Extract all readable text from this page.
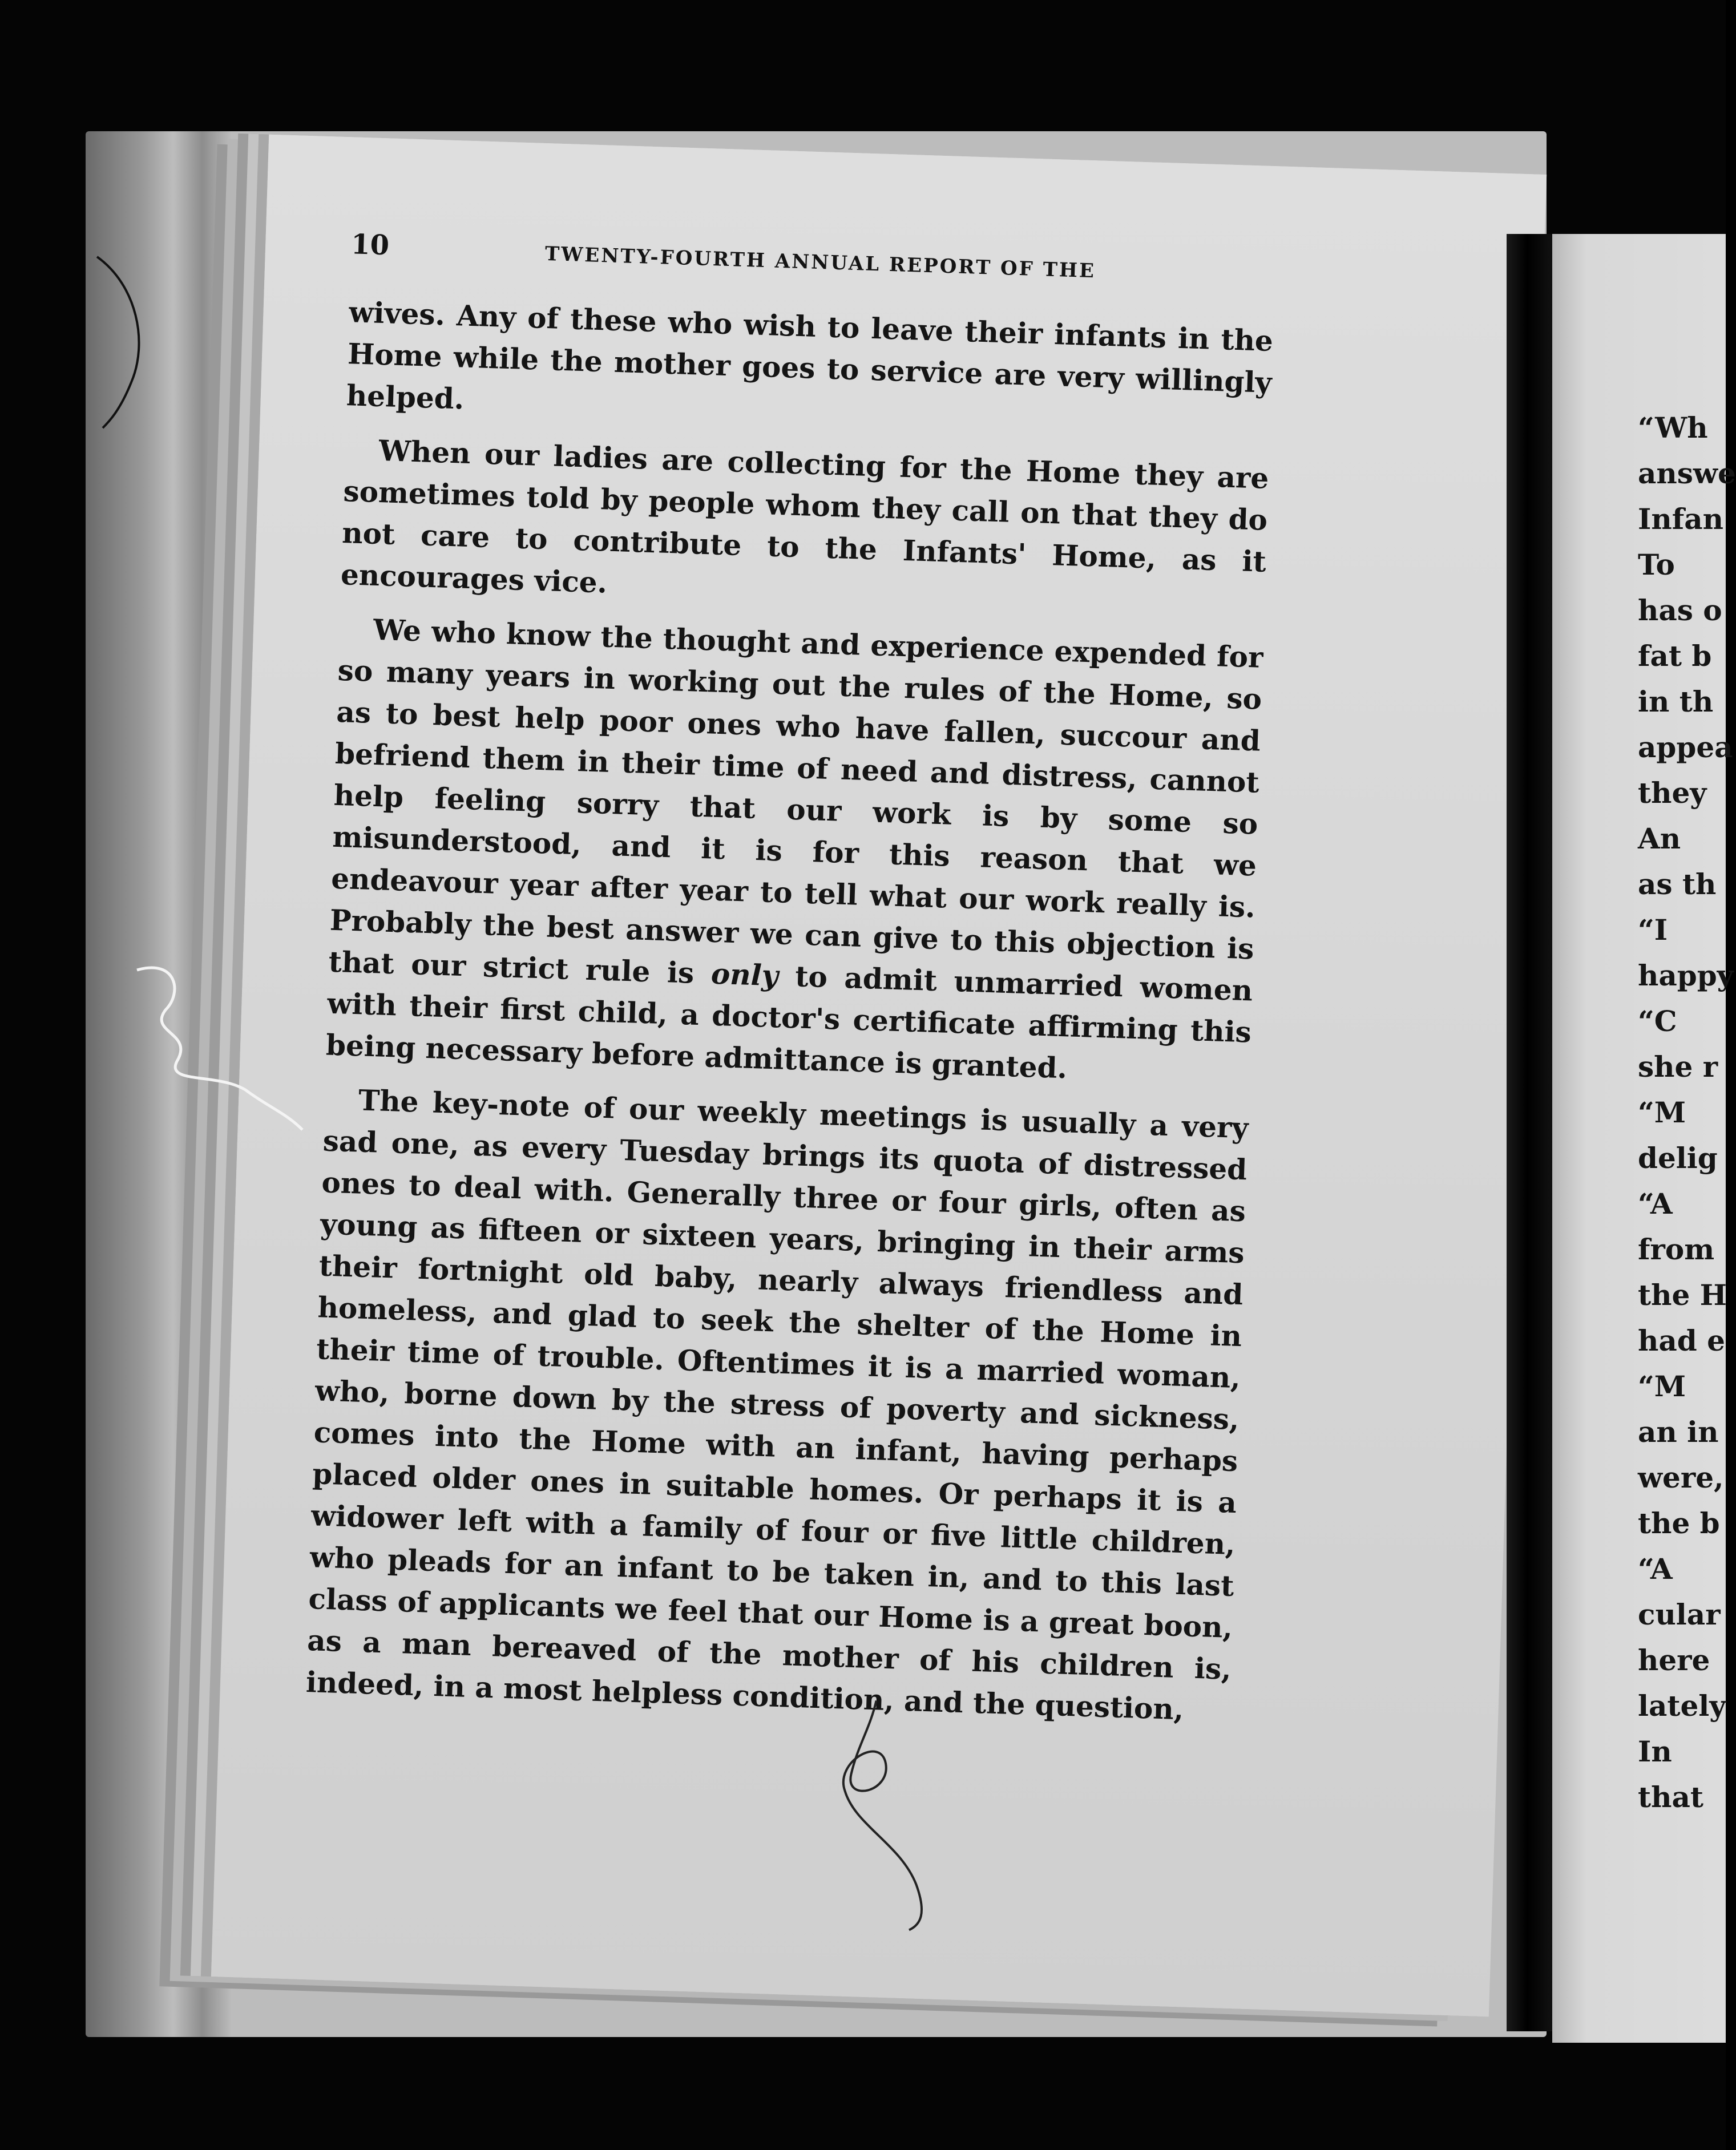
10	TWENTY-FOURTH ANNUAL REPORT OF THE

wives. Any of these who wish to leave their infants in the Home while the mother goes to service are very willingly helped.

When our ladies are collecting for the Home they are sometimes told by people whom they call on that they do not care to contribute to the Infants' Home, as it encourages vice.

We who know the thought and experience expended for so many years in working out the rules of the Home, so as to best help poor ones who have fallen, succour and befriend them in their time of need and distress, cannot help feeling sorry that our work is by some so misunderstood, and it is for this reason that we endeavour year after year to tell what our work really is. Probably the best answer we can give to this objection is that our strict rule is only to admit unmarried women with their first child, a doctor's certificate affirming this being necessary before admittance is granted.

The key-note of our weekly meetings is usually a very sad one, as every Tuesday brings its quota of distressed ones to deal with. Generally three or four girls, often as young as fifteen or sixteen years, bringing in their arms their fortnight old baby, nearly always friendless and homeless, and glad to seek the shelter of the Home in their time of trouble. Oftentimes it is a married woman, who, borne down by the stress of poverty and sickness, comes into the Home with an infant, having perhaps placed older ones in suitable homes. Or perhaps it is a widower left with a family of four or five little children, who pleads for an infant to be taken in, and to this last class of applicants we feel that our Home is a great boon, as a man bereaved of the mother of his children is, indeed, in a most helpless condition, and the question,

“Wh
answe
Infan
To
has o
fat b
in th
appea
they
An
as th
“I
happy
“C
she r
“M
delig
“A
from
the H
had e
“M
an in
were,
the b
“A
cular
here
lately
In
that
